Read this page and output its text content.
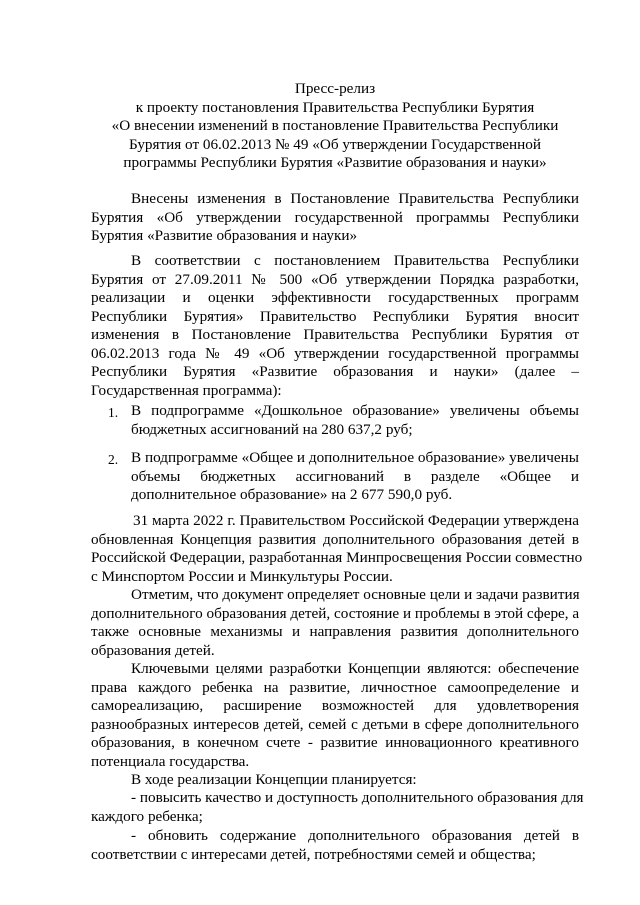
Пресс-релиз
к проекту постановления Правительства Республики Бурятия
«О внесении изменений в постановление Правительства Республики
Бурятия от 06.02.2013 № 49 «Об утверждении Государственной
программы Республики Бурятия «Развитие образования и науки»
Внесены изменения в Постановление Правительства Республики
Бурятия «Об утверждении государственной программы Республики
Бурятия «Развитие образования и науки»
В соответствии с постановлением Правительства Республики
Бурятия от 27.09.2011 № 500 «Об утверждении Порядка разработки,
реализации и оценки эффективности государственных программ
Республики Бурятия» Правительство Республики Бурятия вносит
изменения в Постановление Правительства Республики Бурятия от
06.02.2013 года № 49 «Об утверждении государственной программы
Республики Бурятия «Развитие образования и науки» (далее –
Государственная программа):
1. В подпрограмме «Дошкольное образование» увеличены объемы
бюджетных ассигнований на 280 637,2 руб;
2. В подпрограмме «Общее и дополнительное образование» увеличены
объемы бюджетных ассигнований в разделе «Общее и
дополнительное образование» на 2 677 590,0 руб.
31 марта 2022 г. Правительством Российской Федерации утверждена
обновленная Концепция развития дополнительного образования детей в
Российской Федерации, разработанная Минпросвещения России совместно
с Минспортом России и Минкультуры России.
Отметим, что документ определяет основные цели и задачи развития
дополнительного образования детей, состояние и проблемы в этой сфере, а
также основные механизмы и направления развития дополнительного
образования детей.
Ключевыми целями разработки Концепции являются: обеспечение
права каждого ребенка на развитие, личностное самоопределение и
самореализацию, расширение возможностей для удовлетворения
разнообразных интересов детей, семей с детьми в сфере дополнительного
образования, в конечном счете - развитие инновационного креативного
потенциала государства.
В ходе реализации Концепции планируется:
- повысить качество и доступность дополнительного образования для
каждого ребенка;
- обновить содержание дополнительного образования детей в
соответствии с интересами детей, потребностями семей и общества;
